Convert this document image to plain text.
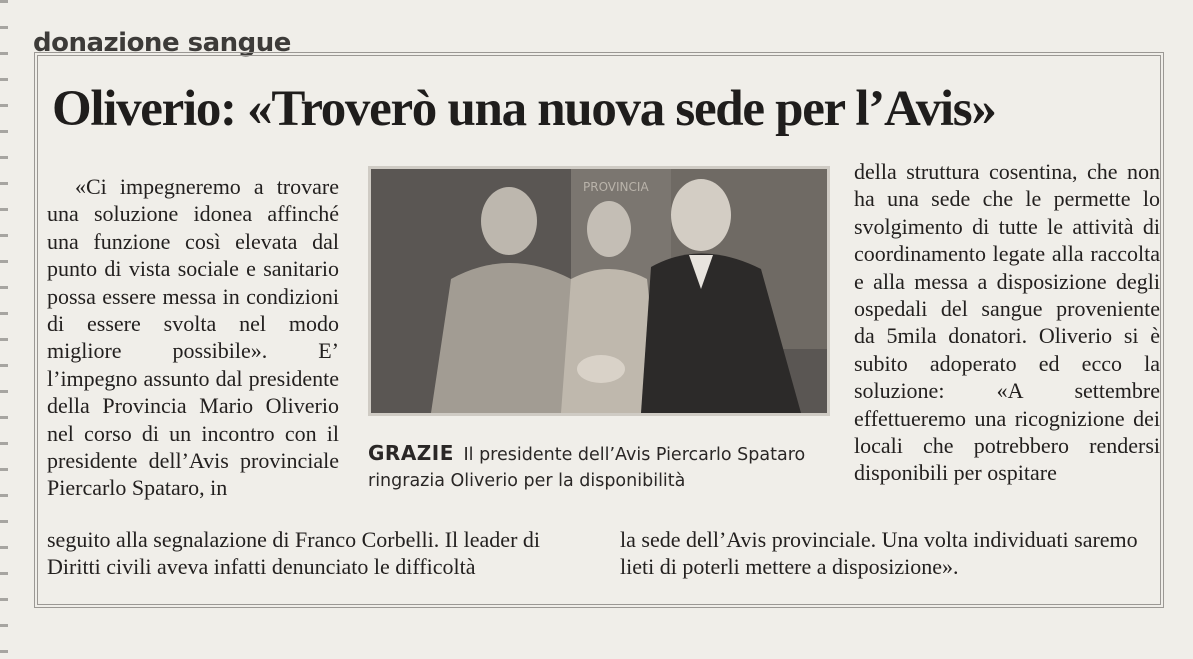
donazione sangue
Oliverio: «Troverò una nuova sede per l’Avis»

«Ci impegneremo a trovare una soluzione idonea affinché una funzione così elevata dal punto di vista sociale e sanitario possa essere messa in condizioni di essere svolta nel modo migliore possibile». E’ l’impegno assunto dal presidente della Provincia Mario Oliverio nel corso di un incontro con il presidente dell’Avis provinciale Piercarlo Spataro, in

PROVINCIA

GRAZIE Il presidente dell’Avis Piercarlo Spataro ringrazia Oliverio per la disponibilità

della struttura cosentina, che non ha una sede che le permette lo svolgimento di tutte le attività di coordinamento legate alla raccolta e alla messa a disposizione degli ospedali del sangue proveniente da 5mila donatori. Oliverio si è subito adoperato ed ecco la soluzione: «A settembre effettueremo una ricognizione dei locali che potrebbero rendersi disponibili per ospitare

seguito alla segnalazione di Franco Corbelli. Il leader di Diritti civili aveva infatti denunciato le difficoltà

la sede dell’Avis provinciale. Una volta individuati saremo lieti di poterli mettere a disposizione».
